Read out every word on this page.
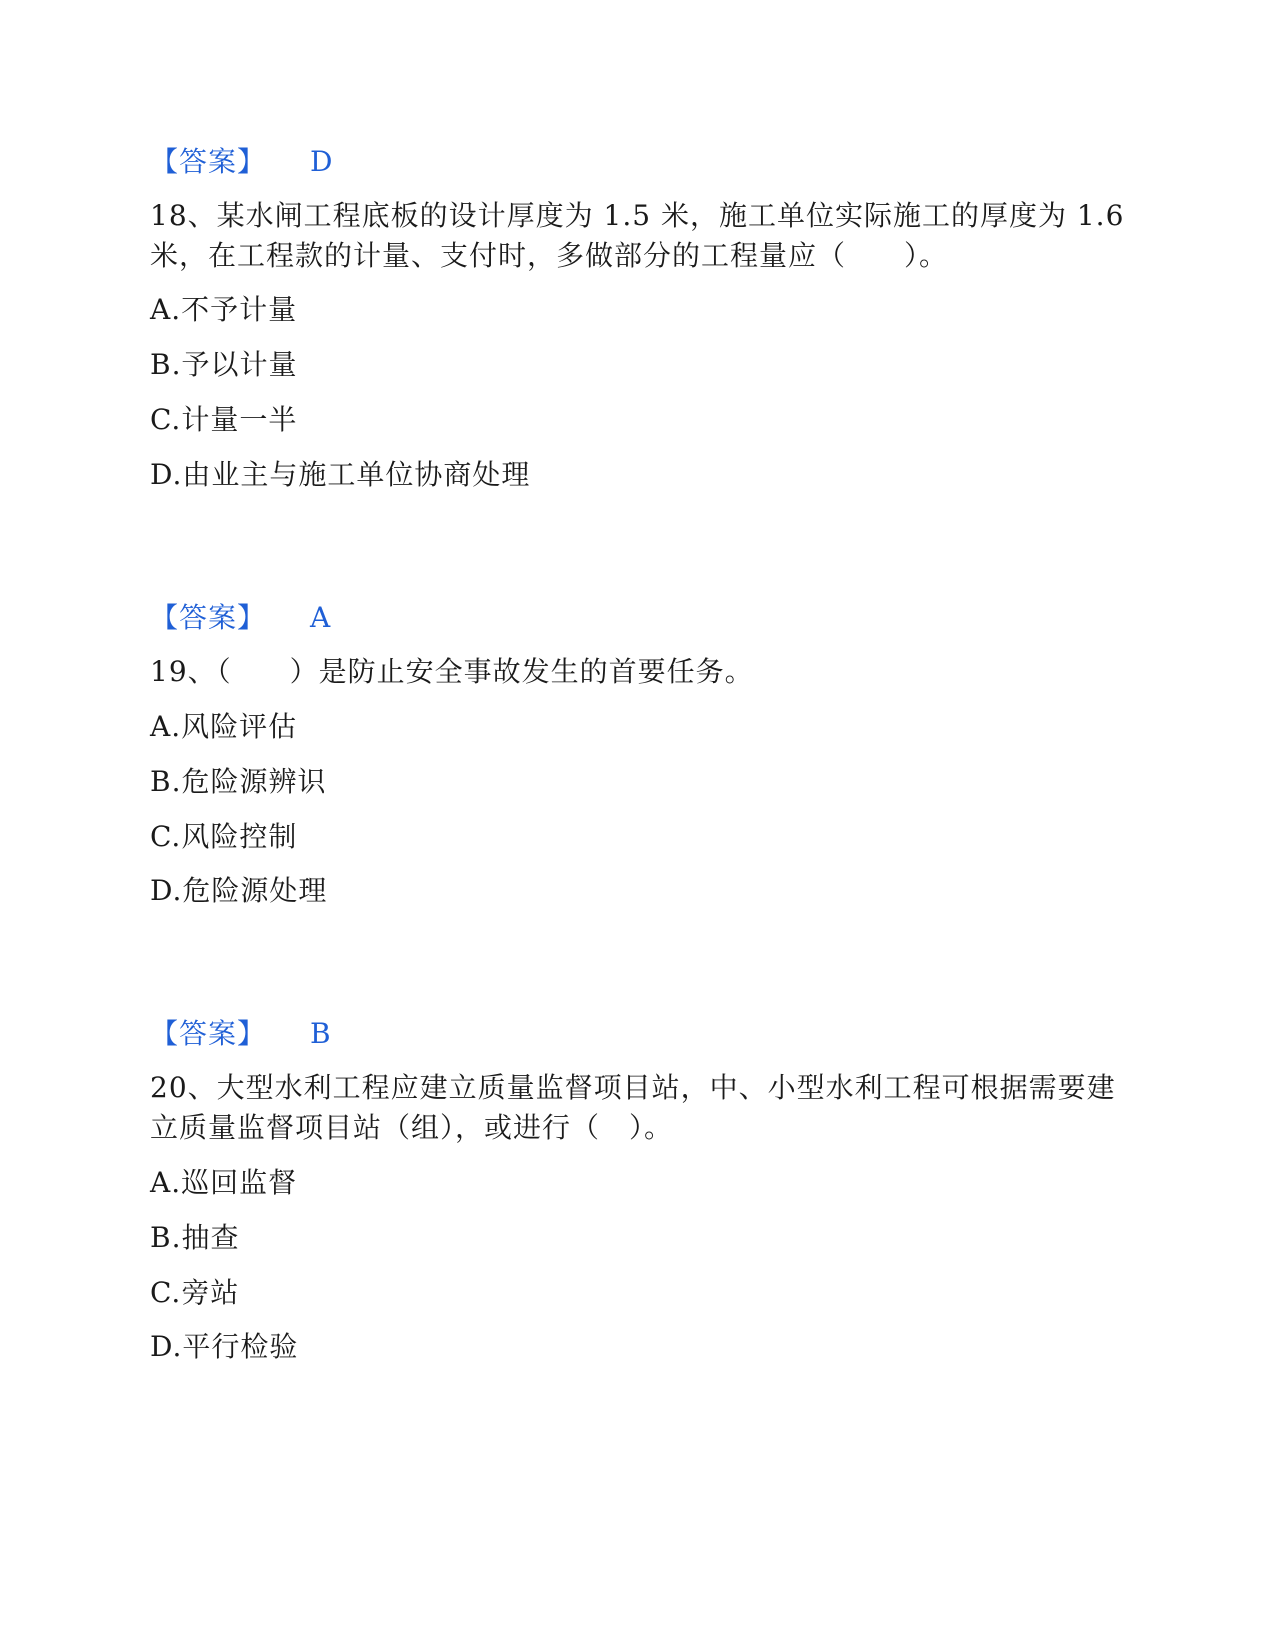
【答案】 D
18、某水闸工程底板的设计厚度为 1.5 米，施工单位实际施工的厚度为 1.6
米，在工程款的计量、支付时，多做部分的工程量应（　　）。
A.不予计量
B.予以计量
C.计量一半
D.由业主与施工单位协商处理
【答案】 A
19、（　　）是防止安全事故发生的首要任务。
A.风险评估
B.危险源辨识
C.风险控制
D.危险源处理
【答案】 B
20、大型水利工程应建立质量监督项目站，中、小型水利工程可根据需要建
立质量监督项目站（组），或进行（　）。
A.巡回监督
B.抽查
C.旁站
D.平行检验
